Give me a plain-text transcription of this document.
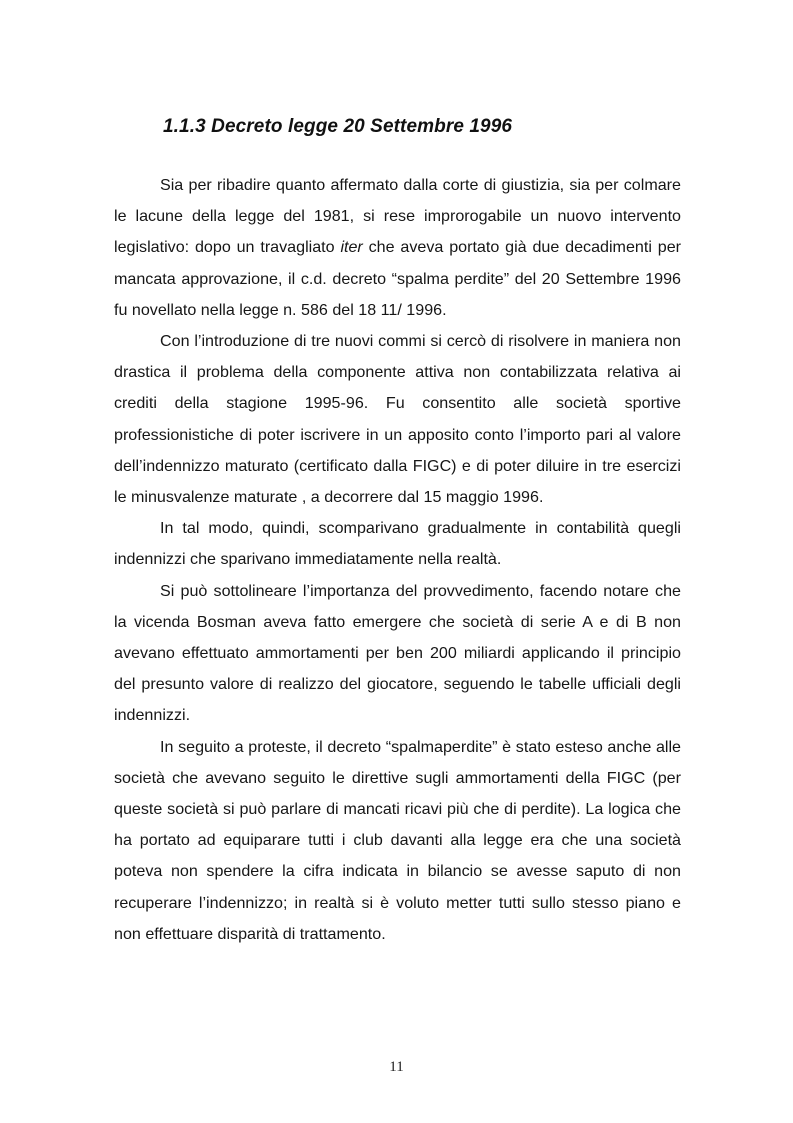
1.1.3 Decreto legge 20 Settembre 1996

Sia per ribadire quanto affermato dalla corte di giustizia, sia per colmare le lacune della legge del 1981, si rese improrogabile un nuovo intervento legislativo: dopo un travagliato iter che aveva portato già due decadimenti per mancata approvazione, il c.d. decreto “spalma perdite” del 20 Settembre 1996 fu novellato nella legge n. 586 del 18 11/ 1996.

Con l’introduzione di tre nuovi commi si cercò di risolvere in maniera non drastica il problema della componente attiva non contabilizzata relativa ai crediti della stagione 1995-96. Fu consentito alle società sportive professionistiche di poter iscrivere in un apposito conto l’importo pari al valore dell’indennizzo maturato (certificato dalla FIGC) e di poter diluire in tre esercizi le minusvalenze maturate , a decorrere dal 15 maggio 1996.

In tal modo, quindi, scomparivano gradualmente in contabilità quegli indennizzi che sparivano immediatamente nella realtà.

Si può sottolineare l’importanza del provvedimento, facendo notare che la vicenda Bosman aveva fatto emergere che società di serie A e di B non avevano effettuato ammortamenti per ben 200 miliardi applicando il principio del presunto valore di realizzo del giocatore, seguendo le tabelle ufficiali degli indennizzi.

In seguito a proteste, il decreto “spalmaperdite” è stato esteso anche alle società che avevano seguito le direttive sugli ammortamenti della FIGC (per queste società si può parlare di mancati ricavi più che di perdite). La logica che ha portato ad equiparare tutti i club davanti alla legge era che una società poteva non spendere la cifra indicata in bilancio se avesse saputo di non recuperare l’indennizzo; in realtà si è voluto metter tutti sullo stesso piano e non effettuare disparità di trattamento.

11
